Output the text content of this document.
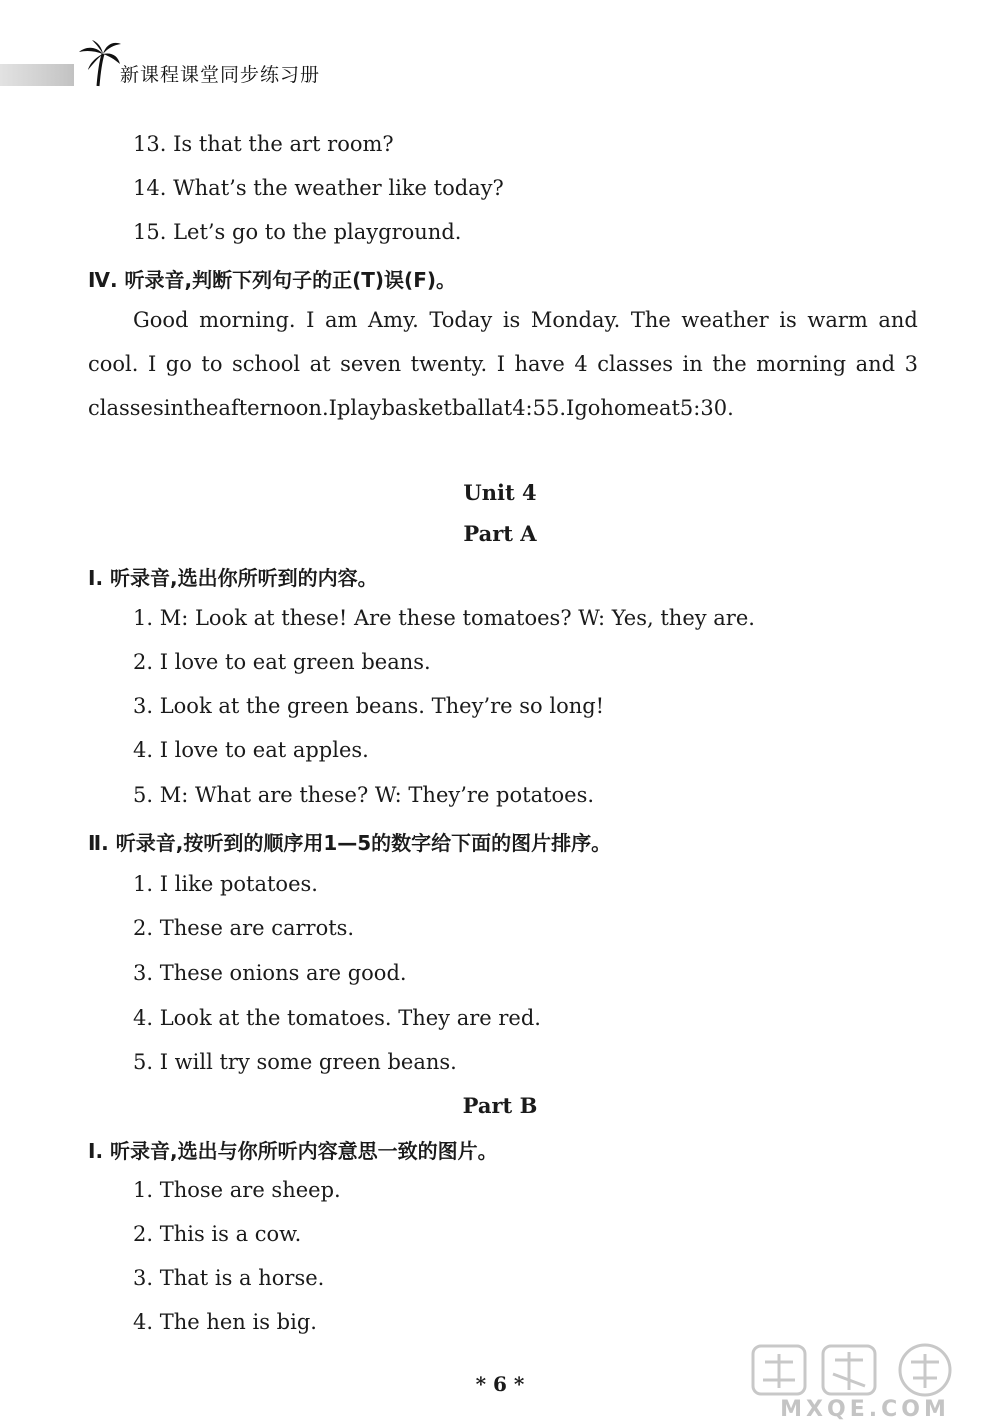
新课程课堂同步练习册
13. Is that the art room?
14. What’s the weather like today?
15. Let’s go to the playground.
Ⅳ. 听录音,判断下列句子的正(T)误(F)。
Good morning. I am Amy. Today is Monday. The weather is warm and
cool. I go to school at seven twenty. I have 4 classes in the morning and 3
classes in the afternoon. I play basketball at 4:55. I go home at 5:30.
Unit 4
Part A
Ⅰ. 听录音,选出你所听到的内容。
1. M: Look at these! Are these tomatoes? W: Yes, they are.
2. I love to eat green beans.
3. Look at the green beans. They’re so long!
4. I love to eat apples.
5. M: What are these? W: They’re potatoes.
Ⅱ. 听录音,按听到的顺序用1—5的数字给下面的图片排序。
1. I like potatoes.
2. These are carrots.
3. These onions are good.
4. Look at the tomatoes. They are red.
5. I will try some green beans.
Part B
Ⅰ. 听录音,选出与你所听内容意思一致的图片。
1. Those are sheep.
2. This is a cow.
3. That is a horse.
4. The hen is big.
* 6 *
MXQE.COM
